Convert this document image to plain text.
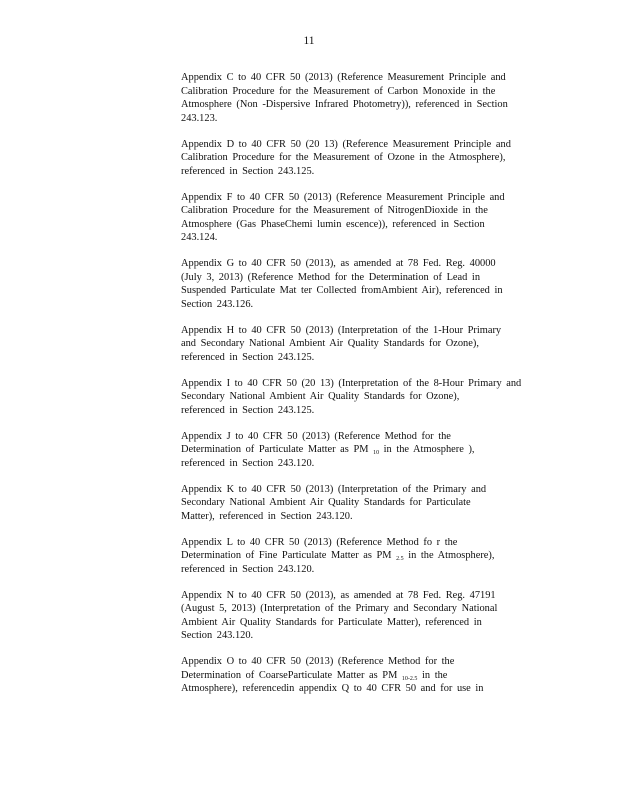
11

Appendix C to 40 CFR 50 (2013) (Reference Measurement Principle and
Calibration Procedure for the Measurement of Carbon Monoxide in the
Atmosphere (Non -Dispersive Infrared Photometry)), referenced in Section
243.123.

Appendix D to 40 CFR 50 (20 13) (Reference Measurement Principle and
Calibration Procedure for the Measurement of Ozone in the Atmosphere),
referenced in Section 243.125.

Appendix F to 40 CFR 50 (2013) (Reference Measurement Principle and
Calibration Procedure for the Measurement of NitrogenDioxide in the
Atmosphere (Gas PhaseChemi lumin escence)), referenced in Section
243.124.

Appendix G to 40 CFR 50 (2013), as amended at 78 Fed. Reg. 40000
(July 3, 2013) (Reference Method for the Determination of Lead in
Suspended Particulate Mat ter Collected fromAmbient Air), referenced in
Section 243.126.

Appendix H to 40 CFR 50 (2013) (Interpretation of the 1-Hour Primary
and Secondary National Ambient Air Quality Standards for Ozone),
referenced in Section 243.125.

Appendix I to 40 CFR 50 (20 13) (Interpretation of the 8-Hour Primary and
Secondary National Ambient Air Quality Standards for Ozone),
referenced in Section 243.125.

Appendix J to 40 CFR 50 (2013) (Reference Method for the
Determination of Particulate Matter as PM $_{10}$ in the Atmosphere ),
referenced in Section 243.120.

Appendix K to 40 CFR 50 (2013) (Interpretation of the Primary and
Secondary National Ambient Air Quality Standards for Particulate
Matter), referenced in Section 243.120.

Appendix L to 40 CFR 50 (2013) (Reference Method fo r the
Determination of Fine Particulate Matter as PM $_{2.5}$ in the Atmosphere),
referenced in Section 243.120.

Appendix N to 40 CFR 50 (2013), as amended at 78 Fed. Reg. 47191
(August 5, 2013) (Interpretation of the Primary and Secondary National
Ambient Air Quality Standards for Particulate Matter), referenced in
Section 243.120.

Appendix O to 40 CFR 50 (2013) (Reference Method for the
Determination of CoarseParticulate Matter as PM $_{10-2.5}$ in the
Atmosphere), referencedin appendix Q to 40 CFR 50 and for use in
